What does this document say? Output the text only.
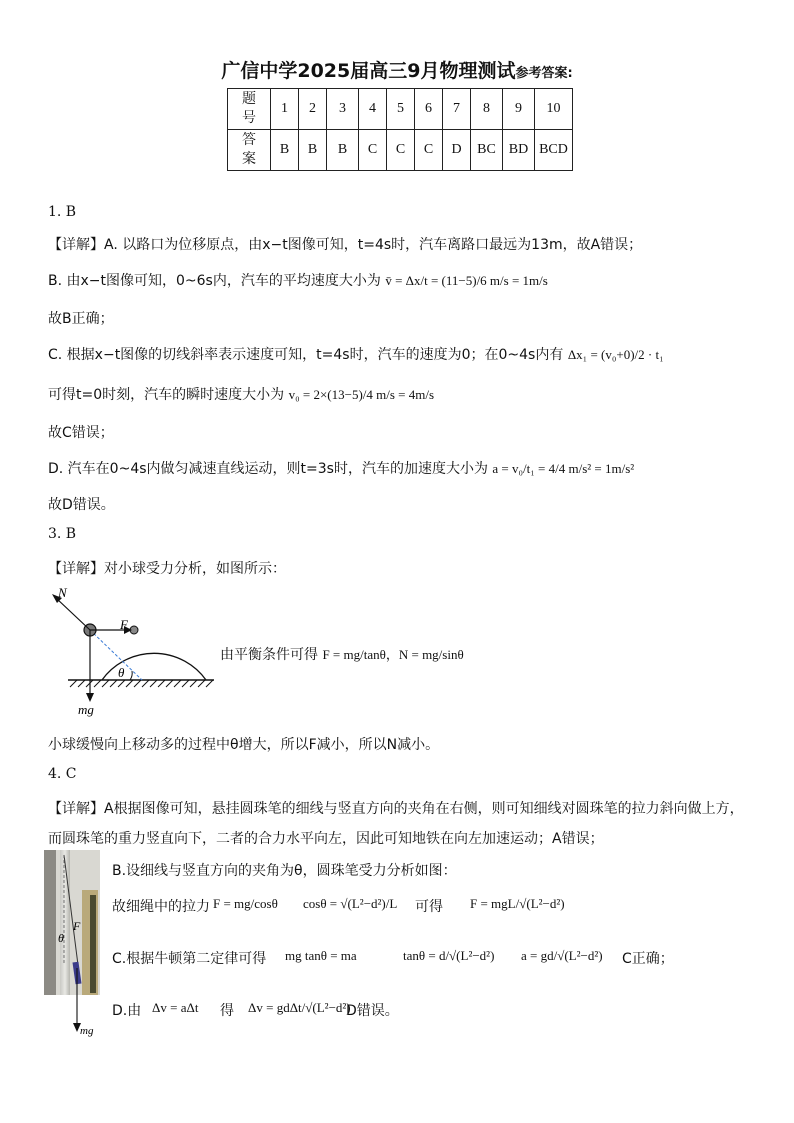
广信中学2025届高三9月物理测试参考答案:
题号	1	2	3	4	5	6	7	8	9	10
答案	B	B	B	C	C	C	D	BC	BD	BCD
1. B
【详解】A. 以路口为位移原点，由x−t图像可知，t=4s时，汽车离路口最远为13m，故A错误；
B. 由x−t图像可知，0~6s内，汽车的平均速度大小为 v̄ = Δx/t = (11−5)/6 m/s = 1m/s
故B正确；
C. 根据x−t图像的切线斜率表示速度可知，t=4s时，汽车的速度为0；在0~4s内有 Δx₁ = (v₀+0)/2 · t₁
可得t=0时刻，汽车的瞬时速度大小为 v₀ = 2×(13−5)/4 m/s = 4m/s
故C错误；
D. 汽车在0~4s内做匀减速直线运动，则t=3s时，汽车的加速度大小为 a = v₀/t₁ = 4/4 m/s² = 1m/s²
故D错误。
3. B
【详解】对小球受力分析，如图所示：
N
F
θ
mg
由平衡条件可得 F = mg/tanθ，N = mg/sinθ
小球缓慢向上移动多的过程中θ增大，所以F减小，所以N减小。
4. C
【详解】A根据图像可知，悬挂圆珠笔的细线与竖直方向的夹角在右侧，则可知细线对圆珠笔的拉力斜向做上方，
而圆珠笔的重力竖直向下，二者的合力水平向左，因此可知地铁在向左加速运动；A错误；
θ
F
mg
B.设细线与竖直方向的夹角为θ，圆珠笔受力分析如图：
故细绳中的拉力 F = mg/cosθ cosθ = √(L²−d²)/L 可得 F = mgL/√(L²−d²)
C.根据牛顿第二定律可得 mg tanθ = ma	tanθ = d/√(L²−d²) a = gd/√(L²−d²) C正确；
D.由 Δv = aΔt 得 Δv = gdΔt/√(L²−d²)
D错误。
